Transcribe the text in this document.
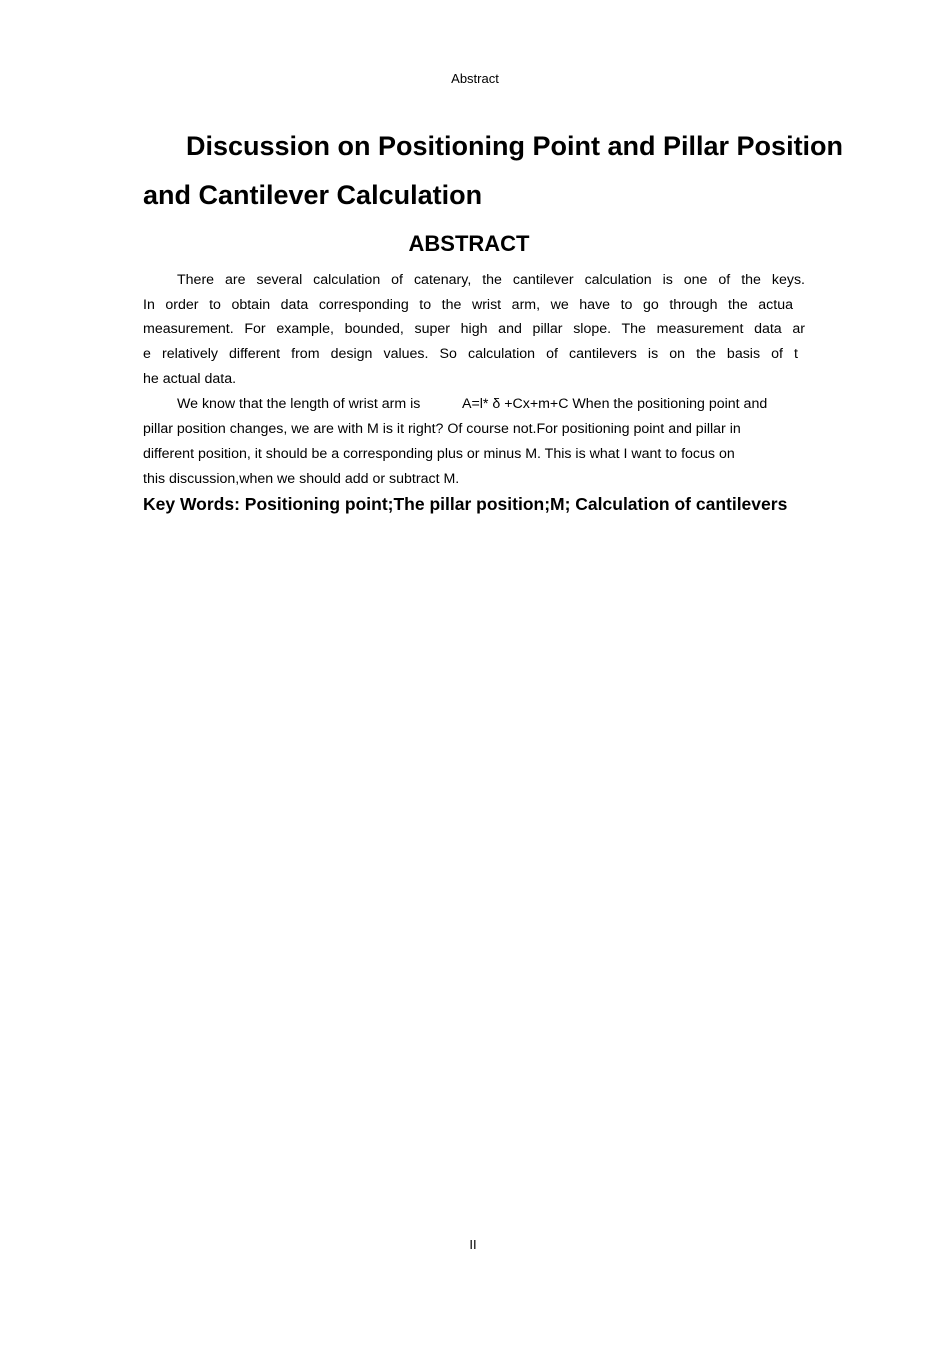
Abstract
Discussion on Positioning Point and Pillar Position
and Cantilever Calculation
ABSTRACT
There are several calculation of catenary, the cantilever calculation is one of the keys.
In order to obtain data corresponding to the wrist arm, we have to go through the actua
measurement. For example, bounded, super high and pillar slope. The measurement data ar
e relatively different from design values. So calculation of cantilevers is on the basis of t
he actual data.
We know that the length of wrist arm is	A=l* δ +Cx+m+C When the positioning point and
pillar position changes, we are with M is it right? Of course not.For positioning point and pillar in
different position, it should be a corresponding plus or minus M. This is what I want to focus on
this discussion,when we should add or subtract M.
Key Words: Positioning point;The pillar position;M; Calculation of cantilevers
II
